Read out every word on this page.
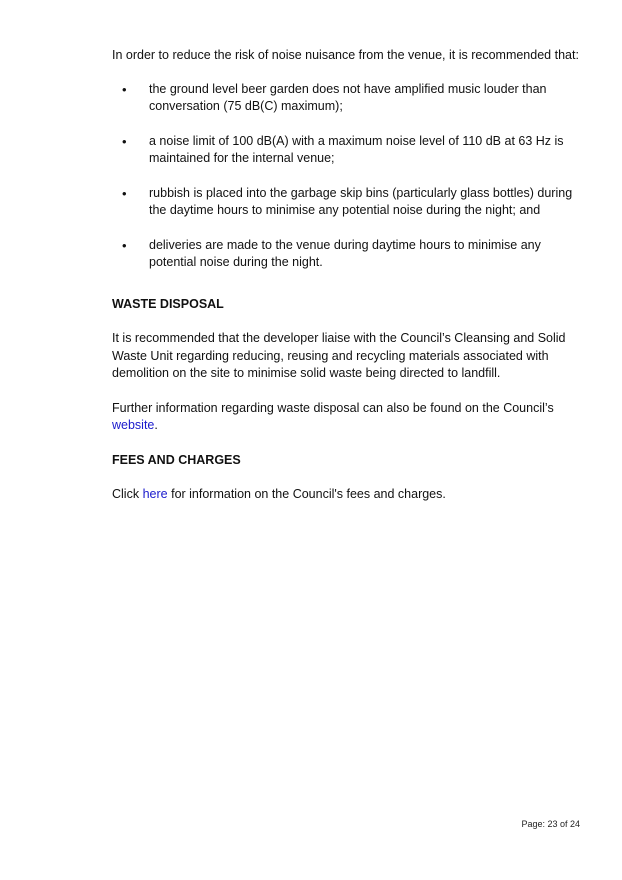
In order to reduce the risk of noise nuisance from the venue, it is recommended that:

• the ground level beer garden does not have amplified music louder than conversation (75 dB(C) maximum);
• a noise limit of 100 dB(A) with a maximum noise level of 110 dB at 63 Hz is maintained for the internal venue;
• rubbish is placed into the garbage skip bins (particularly glass bottles) during the daytime hours to minimise any potential noise during the night; and
• deliveries are made to the venue during daytime hours to minimise any potential noise during the night.
WASTE DISPOSAL

It is recommended that the developer liaise with the Council’s Cleansing and Solid Waste Unit regarding reducing, reusing and recycling materials associated with demolition on the site to minimise solid waste being directed to landfill.

Further information regarding waste disposal can also be found on the Council’s website.

FEES AND CHARGES

Click here for information on the Council's fees and charges.

Page: 23 of 24
